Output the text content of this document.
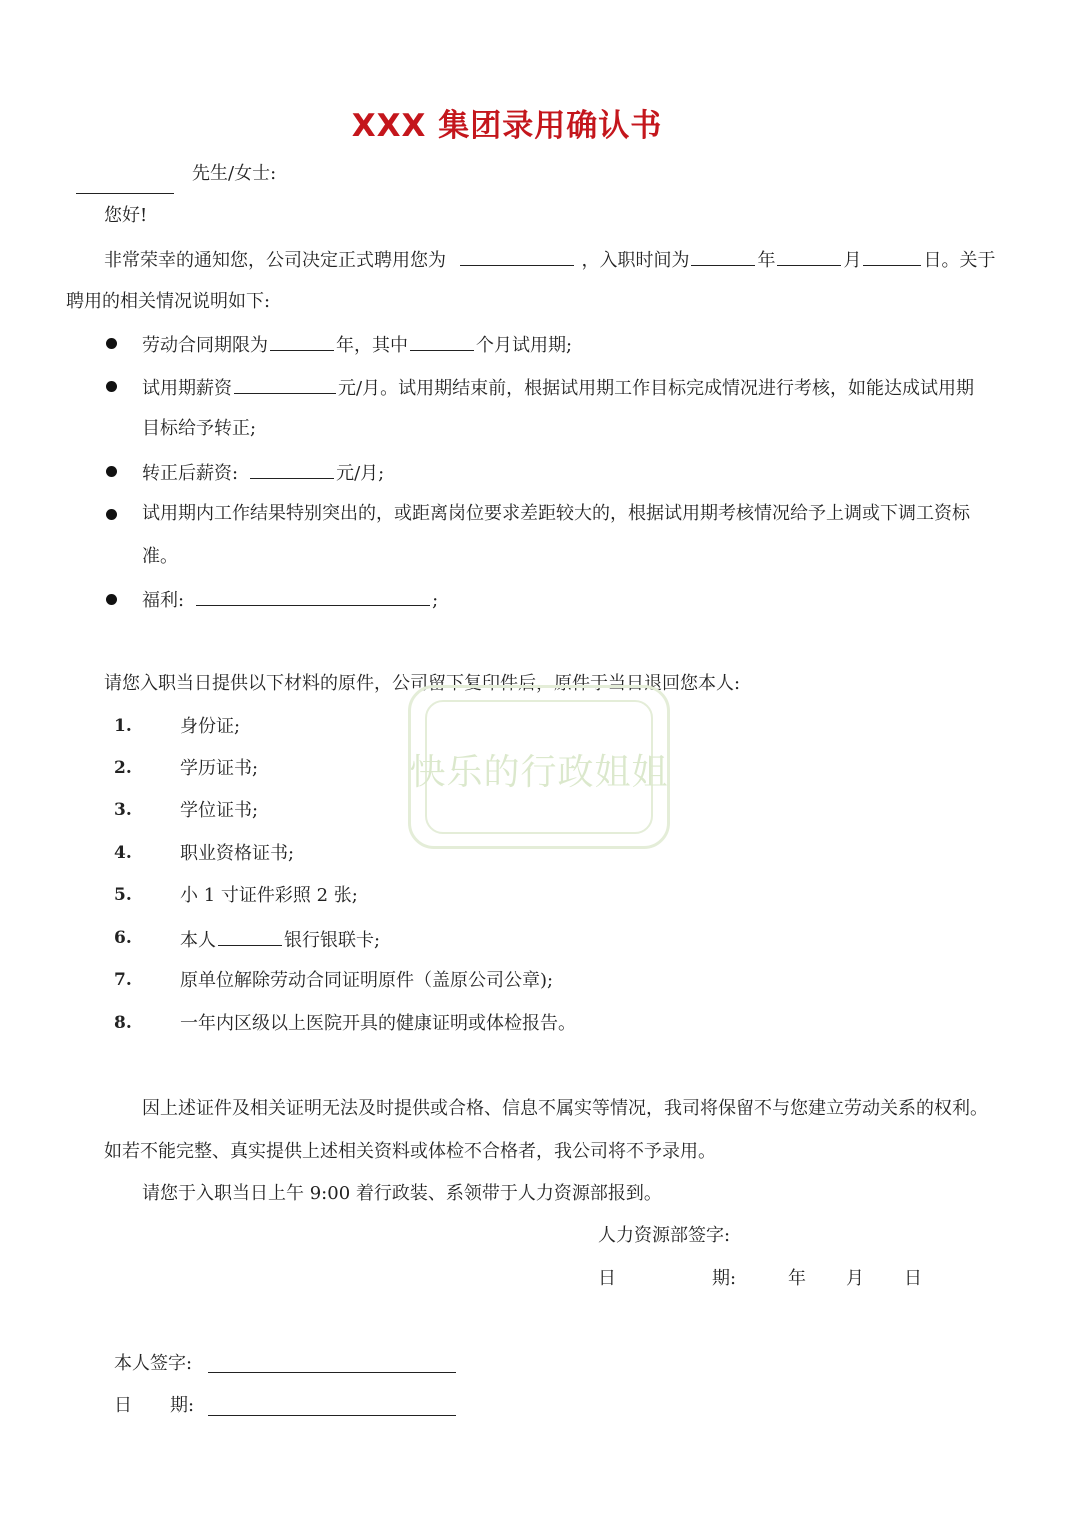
XXX 集团录用确认书
先生/女士:
您好!
非常荣幸的通知您，公司决定正式聘用您为	，入职时间为	年	月	日。关于
聘用的相关情况说明如下:
劳动合同期限为	年，其中	个月试用期;
试用期薪资	元/月。试用期结束前，根据试用期工作目标完成情况进行考核，如能达成试用期
目标给予转正;
转正后薪资:	元/月;
试用期内工作结果特别突出的，或距离岗位要求差距较大的，根据试用期考核情况给予上调或下调工资标
准。
福利:	;
请您入职当日提供以下材料的原件，公司留下复印件后，原件于当日退回您本人:
1.	身份证;
2.	学历证书;
3.	学位证书;
4.	职业资格证书;
5.	小 1 寸证件彩照 2 张;
6.	本人	银行银联卡;
7.	原单位解除劳动合同证明原件（盖原公司公章);
8.	一年内区级以上医院开具的健康证明或体检报告。
快乐的行政姐姐
因上述证件及相关证明无法及时提供或合格、信息不属实等情况，我司将保留不与您建立劳动关系的权利。
如若不能完整、真实提供上述相关资料或体检不合格者，我公司将不予录用。
请您于入职当日上午 9:00 着行政装、系领带于人力资源部报到。
人力资源部签字:
日	期:	年 月 日
本人签字:
日 期:
